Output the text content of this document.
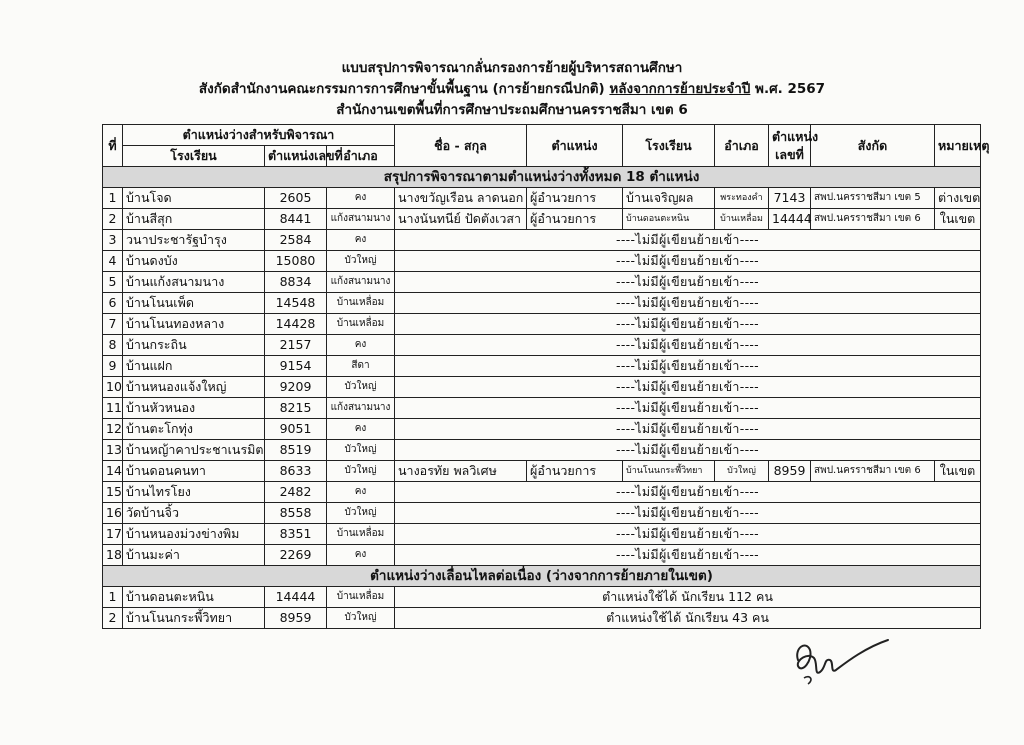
แบบสรุปการพิจารณากลั่นกรองการย้ายผู้บริหารสถานศึกษา
สังกัดสำนักงานคณะกรรมการการศึกษาขั้นพื้นฐาน (การย้ายกรณีปกติ) หลังจากการย้ายประจำปี พ.ศ. 2567
สำนักงานเขตพื้นที่การศึกษาประถมศึกษานครราชสีมา เขต 6
ที่	ตำแหน่งว่างสำหรับพิจารณา			ชื่อ - สกุล	ตำแหน่ง	โรงเรียน	อำเภอ	ตำแหน่งเลขที่	สังกัด	หมายเหตุ
	โรงเรียน	ตำแหน่งเลขที่	อำเภอ							
สรุปการพิจารณาตามตำแหน่งว่างทั้งหมด 18 ตำแหน่ง										
1	บ้านโจด	2605	คง	นางขวัญเรือน ลาดนอก	ผู้อำนวยการ	บ้านเจริญผล	พระทองคำ	7143	สพป.นครราชสีมา เขต 5	ต่างเขต
2	บ้านสีสุก	8441	แก้งสนามนาง	นางนันทนีย์ ปัดตังเวสา	ผู้อำนวยการ	บ้านดอนตะหนิน	บ้านเหลื่อม	14444	สพป.นครราชสีมา เขต 6	ในเขต
3	วนาประชารัฐบำรุง	2584	คง	----ไม่มีผู้เขียนย้ายเข้า----						
4	บ้านดงบัง	15080	บัวใหญ่	----ไม่มีผู้เขียนย้ายเข้า----						
5	บ้านแก้งสนามนาง	8834	แก้งสนามนาง	----ไม่มีผู้เขียนย้ายเข้า----						
6	บ้านโนนเพ็ด	14548	บ้านเหลื่อม	----ไม่มีผู้เขียนย้ายเข้า----						
7	บ้านโนนทองหลาง	14428	บ้านเหลื่อม	----ไม่มีผู้เขียนย้ายเข้า----						
8	บ้านกระถิน	2157	คง	----ไม่มีผู้เขียนย้ายเข้า----						
9	บ้านแฝก	9154	สีดา	----ไม่มีผู้เขียนย้ายเข้า----						
10	บ้านหนองแจ้งใหญ่	9209	บัวใหญ่	----ไม่มีผู้เขียนย้ายเข้า----						
11	บ้านหัวหนอง	8215	แก้งสนามนาง	----ไม่มีผู้เขียนย้ายเข้า----						
12	บ้านตะโกทุ่ง	9051	คง	----ไม่มีผู้เขียนย้ายเข้า----						
13	บ้านหญ้าคาประชาเนรมิต	8519	บัวใหญ่	----ไม่มีผู้เขียนย้ายเข้า----						
14	บ้านดอนคนทา	8633	บัวใหญ่	นางอรทัย พลวิเศษ	ผู้อำนวยการ	บ้านโนนกระพี้วิทยา	บัวใหญ่	8959	สพป.นครราชสีมา เขต 6	ในเขต
15	บ้านไทรโยง	2482	คง	----ไม่มีผู้เขียนย้ายเข้า----						
16	วัดบ้านจิ้ว	8558	บัวใหญ่	----ไม่มีผู้เขียนย้ายเข้า----						
17	บ้านหนองม่วงข่างพิม	8351	บ้านเหลื่อม	----ไม่มีผู้เขียนย้ายเข้า----						
18	บ้านมะค่า	2269	คง	----ไม่มีผู้เขียนย้ายเข้า----						
ตำแหน่งว่างเลื่อนไหลต่อเนื่อง (ว่างจากการย้ายภายในเขต)										
1	บ้านดอนตะหนิน	14444	บ้านเหลื่อม	ตำแหน่งใช้ได้ นักเรียน 112 คน						
2	บ้านโนนกระพี้วิทยา	8959	บัวใหญ่	ตำแหน่งใช้ได้ นักเรียน 43 คน						
